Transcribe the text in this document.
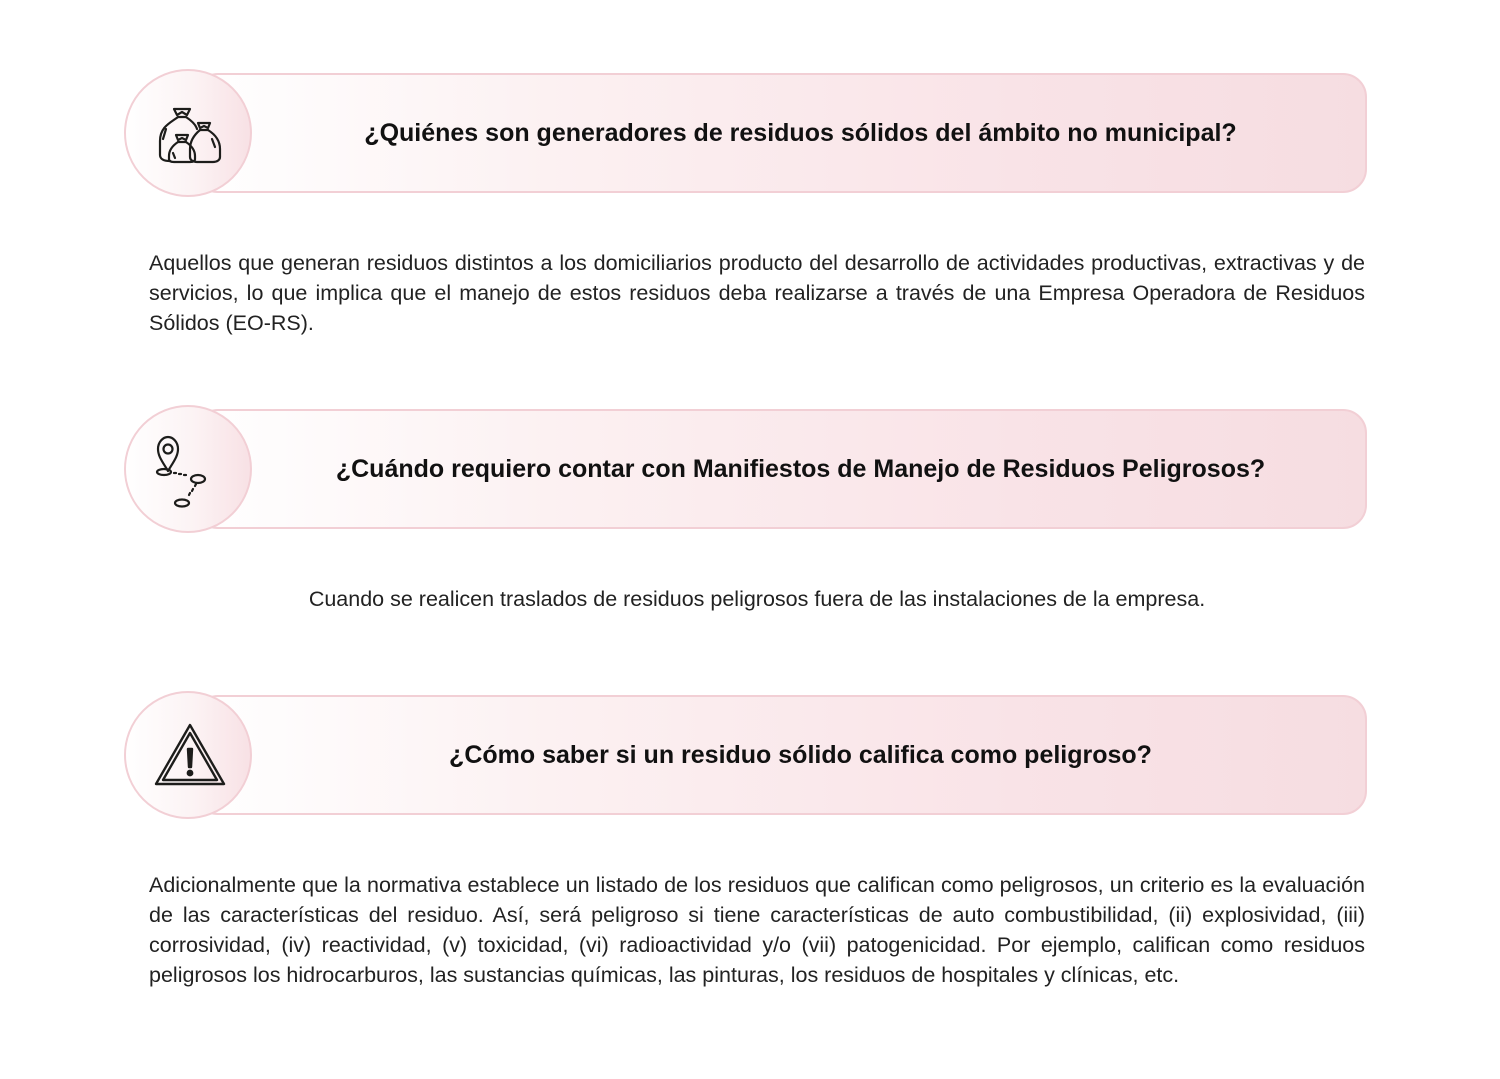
¿Quiénes son generadores de residuos sólidos del ámbito no municipal?

Aquellos que generan residuos distintos a los domiciliarios producto del desarrollo de actividades productivas, extractivas y de servicios, lo que implica que el manejo de estos residuos deba realizarse a través de una Empresa Operadora de Residuos Sólidos (EO-RS).

¿Cuándo requiero contar con Manifiestos de Manejo de Residuos Peligrosos?

Cuando se realicen traslados de residuos peligrosos fuera de las instalaciones de la empresa.

¿Cómo saber si un residuo sólido califica como peligroso?

Adicionalmente que la normativa establece un listado de los residuos que califican como peligrosos, un criterio es la evaluación de las características del residuo. Así, será peligroso si tiene características de auto combustibilidad, (ii) explosividad, (iii) corrosividad, (iv) reactividad, (v) toxicidad, (vi) radioactividad y/o (vii) patogenicidad. Por ejemplo, califican como residuos peligrosos los hidrocarburos, las sustancias químicas, las pinturas, los residuos de hospitales y clínicas, etc.
